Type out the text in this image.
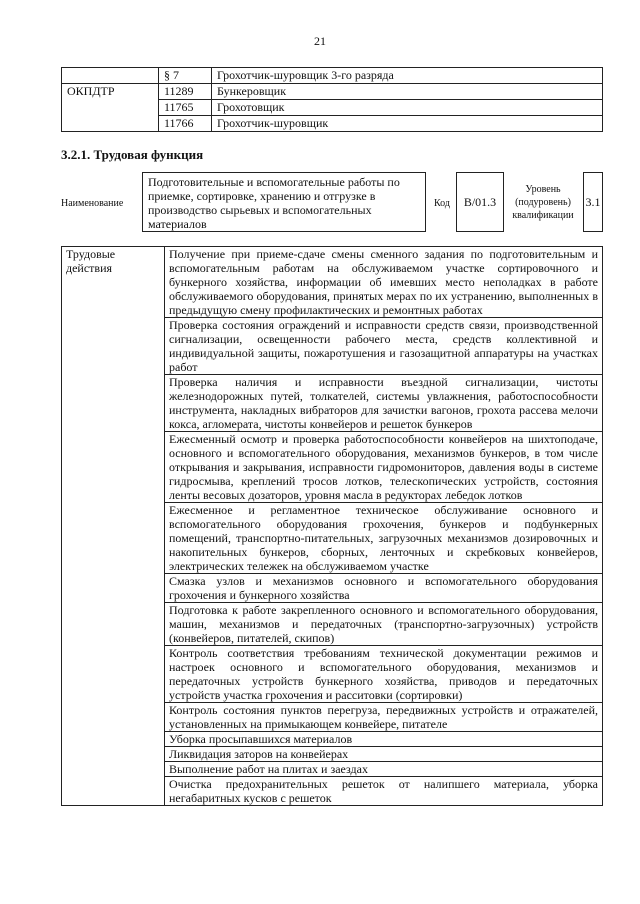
21
	§ 7	Грохотчик-шуровщик 3-го разряда
ОКПДТР	11289	Бункеровщик
	11765	Грохотовщик
	11766	Грохотчик-шуровщик
3.2.1. Трудовая функция
Наименование
Подготовительные и вспомогательные работы по приемке, сортировке, хранению и отгрузке в производство сырьевых и вспомогательных материалов
Код	В/01.3
Уровень (подуровень) квалификации
3.1
Трудовые действия	Получение при приеме-сдаче смены сменного задания по подготовительным и вспомогательным работам на обслуживаемом участке сортировочного и бункерного хозяйства, информации об имевших место неполадках в работе обслуживаемого оборудования, принятых мерах по их устранению, выполненных в предыдущую смену профилактических и ремонтных работах
Проверка состояния ограждений и исправности средств связи, производственной сигнализации, освещенности рабочего места, средств коллективной и индивидуальной защиты, пожаротушения и газозащитной аппаратуры на участках работ
Проверка наличия и исправности въездной сигнализации, чистоты железнодорожных путей, толкателей, системы увлажнения, работоспособности инструмента, накладных вибраторов для зачистки вагонов, грохота рассева мелочи кокса, агломерата, чистоты конвейеров и решеток бункеров
Ежесменный осмотр и проверка работоспособности конвейеров на шихтоподаче, основного и вспомогательного оборудования, механизмов бункеров, в том числе открывания и закрывания, исправности гидромониторов, давления воды в системе гидросмыва, креплений тросов лотков, телескопических устройств, состояния ленты весовых дозаторов, уровня масла в редукторах лебедок лотков
Ежесменное и регламентное техническое обслуживание основного и вспомогательного оборудования грохочения, бункеров и подбункерных помещений, транспортно-питательных, загрузочных механизмов дозировочных и накопительных бункеров, сборных, ленточных и скребковых конвейеров, электрических тележек на обслуживаемом участке
Смазка узлов и механизмов основного и вспомогательного оборудования грохочения и бункерного хозяйства
Подготовка к работе закрепленного основного и вспомогательного оборудования, машин, механизмов и передаточных (транспортно-загрузочных) устройств (конвейеров, питателей, скипов)
Контроль соответствия требованиям технической документации режимов и настроек основного и вспомогательного оборудования, механизмов и передаточных устройств бункерного хозяйства, приводов и передаточных устройств участка грохочения и расситовки (сортировки)
Контроль состояния пунктов перегруза, передвижных устройств и отражателей, установленных на примыкающем конвейере, питателе
Уборка просыпавшихся материалов
Ликвидация заторов на конвейерах
Выполнение работ на плитах и заездах
Очистка предохранительных решеток от налипшего материала, уборка негабаритных кусков с решеток
